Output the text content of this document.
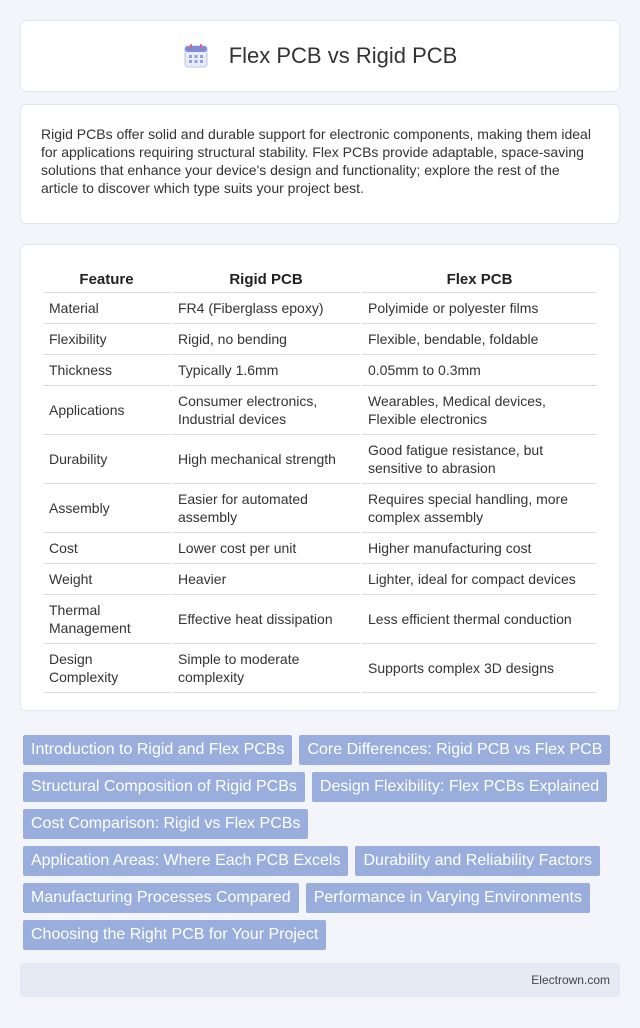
Flex PCB vs Rigid PCB

Rigid PCBs offer solid and durable support for electronic components, making them ideal for applications requiring structural stability. Flex PCBs provide adaptable, space-saving solutions that enhance your device's design and functionality; explore the rest of the article to discover which type suits your project best.

Feature	Rigid PCB	Flex PCB
Material	FR4 (Fiberglass epoxy)	Polyimide or polyester films
Flexibility	Rigid, no bending	Flexible, bendable, foldable
Thickness	Typically 1.6mm	0.05mm to 0.3mm
Applications	Consumer electronics, Industrial devices	Wearables, Medical devices, Flexible electronics
Durability	High mechanical strength	Good fatigue resistance, but sensitive to abrasion
Assembly	Easier for automated assembly	Requires special handling, more complex assembly
Cost	Lower cost per unit	Higher manufacturing cost
Weight	Heavier	Lighter, ideal for compact devices
Thermal Management	Effective heat dissipation	Less efficient thermal conduction
Design Complexity	Simple to moderate complexity	Supports complex 3D designs
Introduction to Rigid and Flex PCBs	Core Differences: Rigid PCB vs Flex PCB
Structural Composition of Rigid PCBs	Design Flexibility: Flex PCBs Explained
Cost Comparison: Rigid vs Flex PCBs
Application Areas: Where Each PCB Excels	Durability and Reliability Factors
Manufacturing Processes Compared	Performance in Varying Environments
Choosing the Right PCB for Your Project
Electrown.com
